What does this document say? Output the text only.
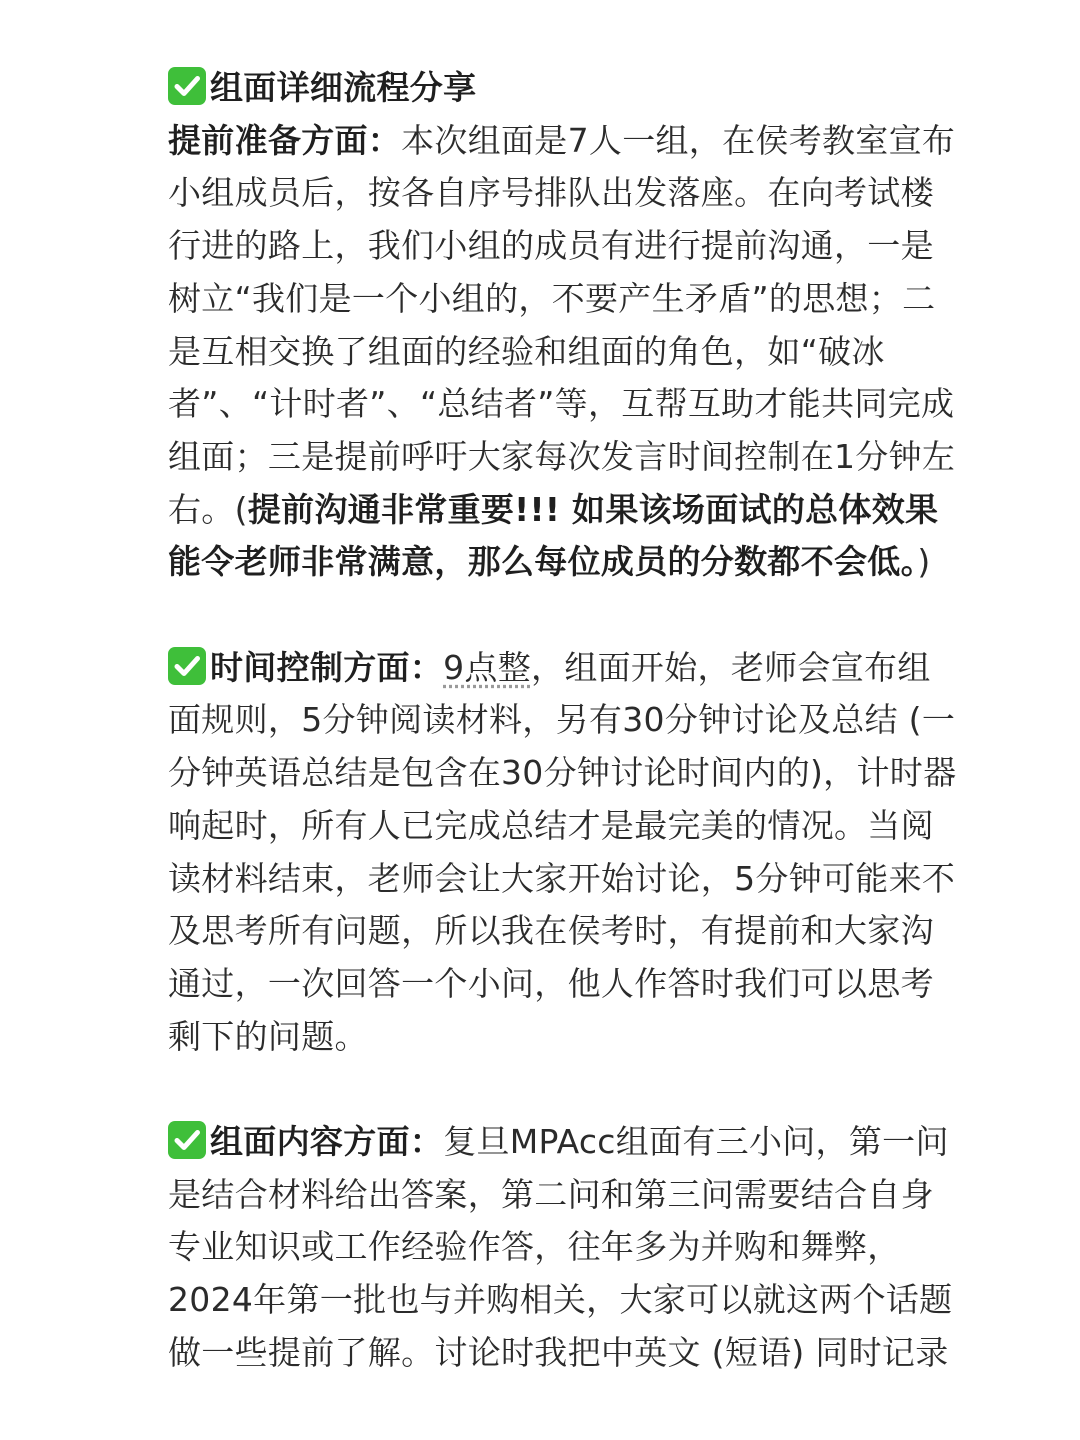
组面详细流程分享
提前准备方面：本次组面是7人一组，在侯考教室宣布小组成员后，按各自序号排队出发落座。在向考试楼行进的路上，我们小组的成员有进行提前沟通，一是树立“我们是一个小组的，不要产生矛盾”的思想；二是互相交换了组面的经验和组面的角色，如“破冰者”、“计时者”、“总结者”等，互帮互助才能共同完成组面；三是提前呼吁大家每次发言时间控制在1分钟左右。(提前沟通非常重要!!! 如果该场面试的总体效果能令老师非常满意，那么每位成员的分数都不会低。)

时间控制方面：9点整，组面开始，老师会宣布组面规则，5分钟阅读材料，另有30分钟讨论及总结 (一分钟英语总结是包含在30分钟讨论时间内的)，计时器响起时，所有人已完成总结才是最完美的情况。当阅读材料结束，老师会让大家开始讨论，5分钟可能来不及思考所有问题，所以我在侯考时，有提前和大家沟通过，一次回答一个小问，他人作答时我们可以思考剩下的问题。

组面内容方面：复旦MPAcc组面有三小问，第一问是结合材料给出答案，第二问和第三问需要结合自身专业知识或工作经验作答，往年多为并购和舞弊，2024年第一批也与并购相关，大家可以就这两个话题做一些提前了解。讨论时我把中英文 (短语) 同时记录
